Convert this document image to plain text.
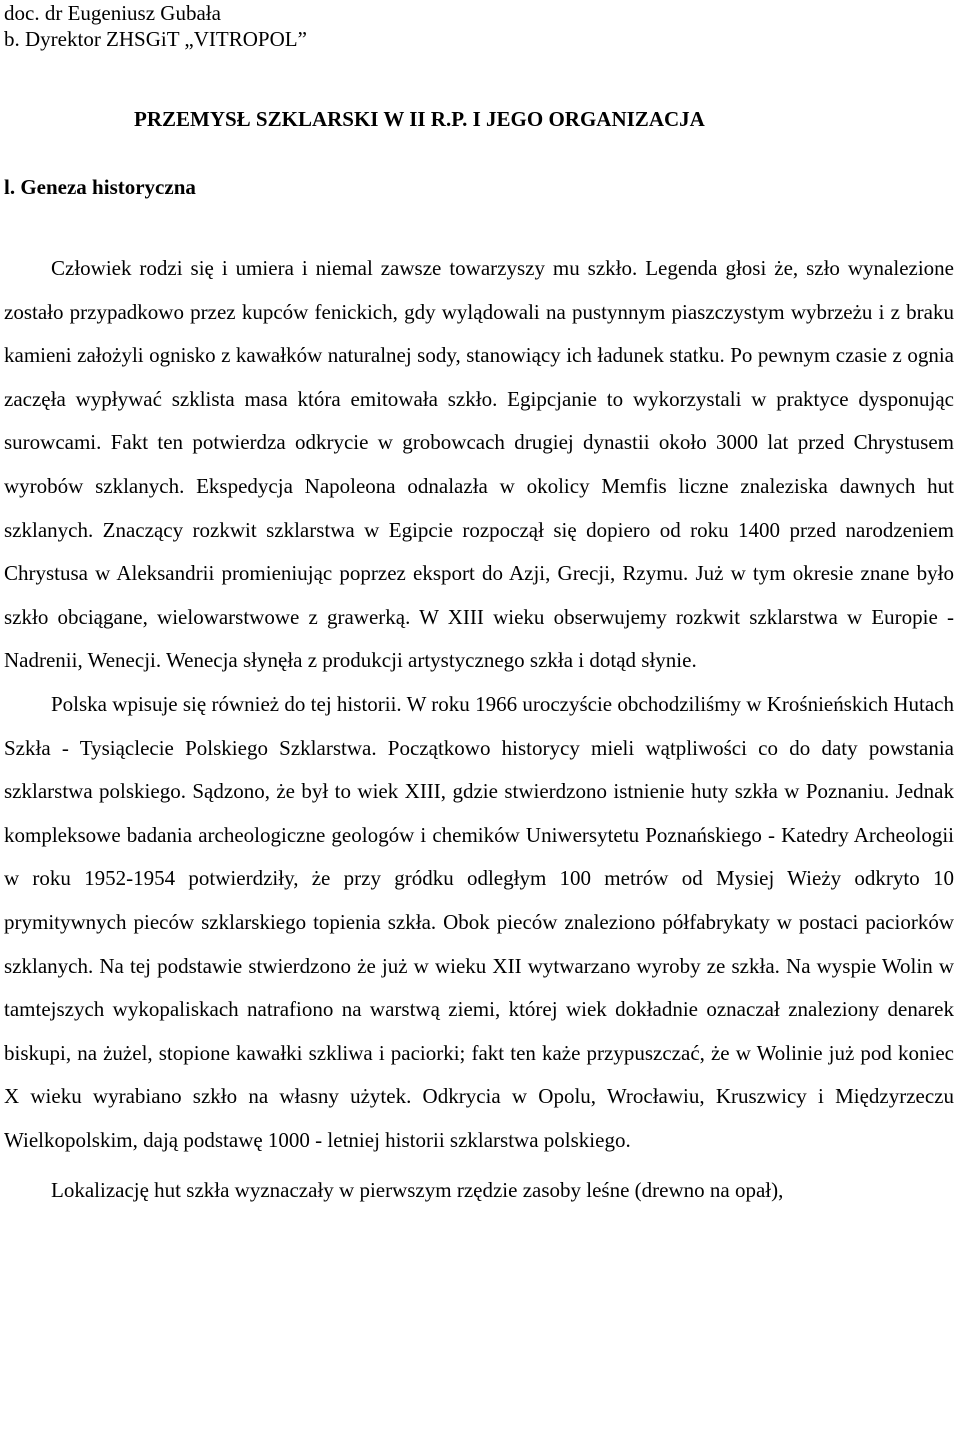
doc. dr Eugeniusz Gubała

b. Dyrektor ZHSGiT „VITROPOL”

PRZEMYSŁ SZKLARSKI W II R.P. I JEGO ORGANIZACJA
l. Geneza historyczna

Człowiek rodzi się i umiera i niemal zawsze towarzyszy mu szkło. Legenda głosi że, szło wynalezione zostało przypadkowo przez kupców fenickich, gdy wylądowali na pustynnym piaszczystym wybrzeżu i z braku kamieni założyli ognisko z kawałków naturalnej sody, stanowiący ich ładunek statku. Po pewnym czasie z ognia zaczęła wypływać szklista masa która emitowała szkło. Egipcjanie to wykorzystali w praktyce dysponując surowcami. Fakt ten potwierdza odkrycie w grobowcach drugiej dynastii około 3000 lat przed Chrystusem wyrobów szklanych. Ekspedycja Napoleona odnalazła w okolicy Memfis liczne znaleziska dawnych hut szklanych. Znaczący rozkwit szklarstwa w Egipcie rozpoczął się dopiero od roku 1400 przed narodzeniem Chrystusa w Aleksandrii promieniując poprzez eksport do Azji, Grecji, Rzymu. Już w tym okresie znane było szkło obciągane, wielowarstwowe z grawerką. W XIII wieku obserwujemy rozkwit szklarstwa w Europie - Nadrenii, Wenecji. Wenecja słynęła z produkcji artystycznego szkła i dotąd słynie.

Polska wpisuje się również do tej historii. W roku 1966 uroczyście obchodziliśmy w Krośnieńskich Hutach Szkła - Tysiąclecie Polskiego Szklarstwa. Początkowo historycy mieli wątpliwości co do daty powstania szklarstwa polskiego. Sądzono, że był to wiek XIII, gdzie stwierdzono istnienie huty szkła w Poznaniu. Jednak kompleksowe badania archeologiczne geologów i chemików Uniwersytetu Poznańskiego - Katedry Archeologii w roku 1952-1954 potwierdziły, że przy gródku odległym 100 metrów od Mysiej Wieży odkryto 10 prymitywnych pieców szklarskiego topienia szkła. Obok pieców znaleziono półfabrykaty w postaci paciorków szklanych. Na tej podstawie stwierdzono że już w wieku XII wytwarzano wyroby ze szkła. Na wyspie Wolin w tamtejszych wykopaliskach natrafiono na warstwą ziemi, której wiek dokładnie oznaczał znaleziony denarek biskupi, na żużel, stopione kawałki szkliwa i paciorki; fakt ten każe przypuszczać, że w Wolinie już pod koniec X wieku wyrabiano szkło na własny użytek. Odkrycia w Opolu, Wrocławiu, Kruszwicy i Międzyrzeczu Wielkopolskim, dają podstawę 1000 - letniej historii szklarstwa polskiego.

Lokalizację hut szkła wyznaczały w pierwszym rzędzie zasoby leśne (drewno na opał),
